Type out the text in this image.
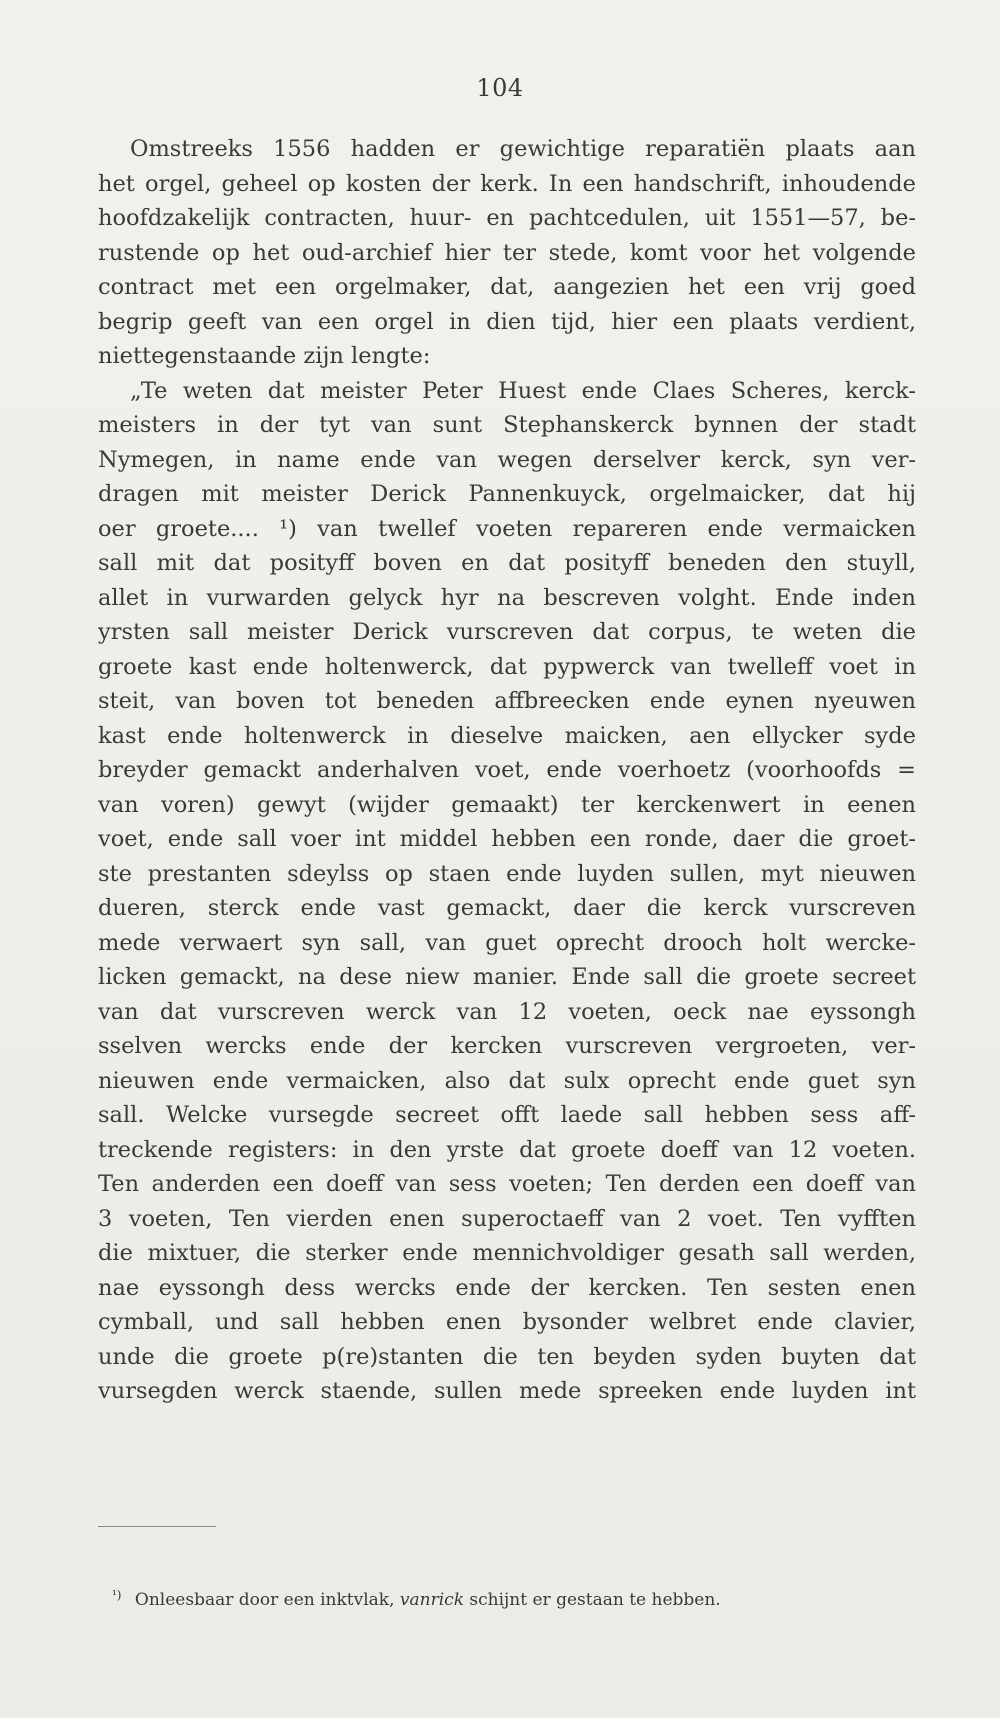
104
Omstreeks 1556 hadden er gewichtige reparatiën plaats aan
het orgel, geheel op kosten der kerk. In een handschrift, inhoudende
hoofdzakelijk contracten, huur- en pachtcedulen, uit 1551—57, be-
rustende op het oud-archief hier ter stede, komt voor het volgende
contract met een orgelmaker, dat, aangezien het een vrij goed
begrip geeft van een orgel in dien tijd, hier een plaats verdient,
niettegenstaande zijn lengte:
„Te weten dat meister Peter Huest ende Claes Scheres, kerck-
meisters in der tyt van sunt Stephanskerck bynnen der stadt
Nymegen, in name ende van wegen derselver kerck, syn ver-
dragen mit meister Derick Pannenkuyck, orgelmaicker, dat hij
oer groete.... ¹) van twellef voeten repareren ende vermaicken
sall mit dat posityff boven en dat posityff beneden den stuyll,
allet in vurwarden gelyck hyr na bescreven volght. Ende inden
yrsten sall meister Derick vurscreven dat corpus, te weten die
groete kast ende holtenwerck, dat pypwerck van twelleff voet in
steit, van boven tot beneden affbreecken ende eynen nyeuwen
kast ende holtenwerck in dieselve maicken, aen ellycker syde
breyder gemackt anderhalven voet, ende voerhoetz (voorhoofds =
van voren) gewyt (wijder gemaakt) ter kerckenwert in eenen
voet, ende sall voer int middel hebben een ronde, daer die groet-
ste prestanten sdeylss op staen ende luyden sullen, myt nieuwen
dueren, sterck ende vast gemackt, daer die kerck vurscreven
mede verwaert syn sall, van guet oprecht drooch holt wercke-
licken gemackt, na dese niew manier. Ende sall die groete secreet
van dat vurscreven werck van 12 voeten, oeck nae eyssongh
sselven wercks ende der kercken vurscreven vergroeten, ver-
nieuwen ende vermaicken, also dat sulx oprecht ende guet syn
sall. Welcke vursegde secreet offt laede sall hebben sess aff-
treckende registers: in den yrste dat groete doeff van 12 voeten.
Ten anderden een doeff van sess voeten; Ten derden een doeff van
3 voeten, Ten vierden enen superoctaeff van 2 voet. Ten vyfften
die mixtuer, die sterker ende mennichvoldiger gesath sall werden,
nae eyssongh dess wercks ende der kercken. Ten sesten enen
cymball, und sall hebben enen bysonder welbret ende clavier,
unde die groete p(re)stanten die ten beyden syden buyten dat
vursegden werck staende, sullen mede spreeken ende luyden int
$^{^1)}$ Onleesbaar door een inktvlak, vanrick schijnt er gestaan te hebben.
